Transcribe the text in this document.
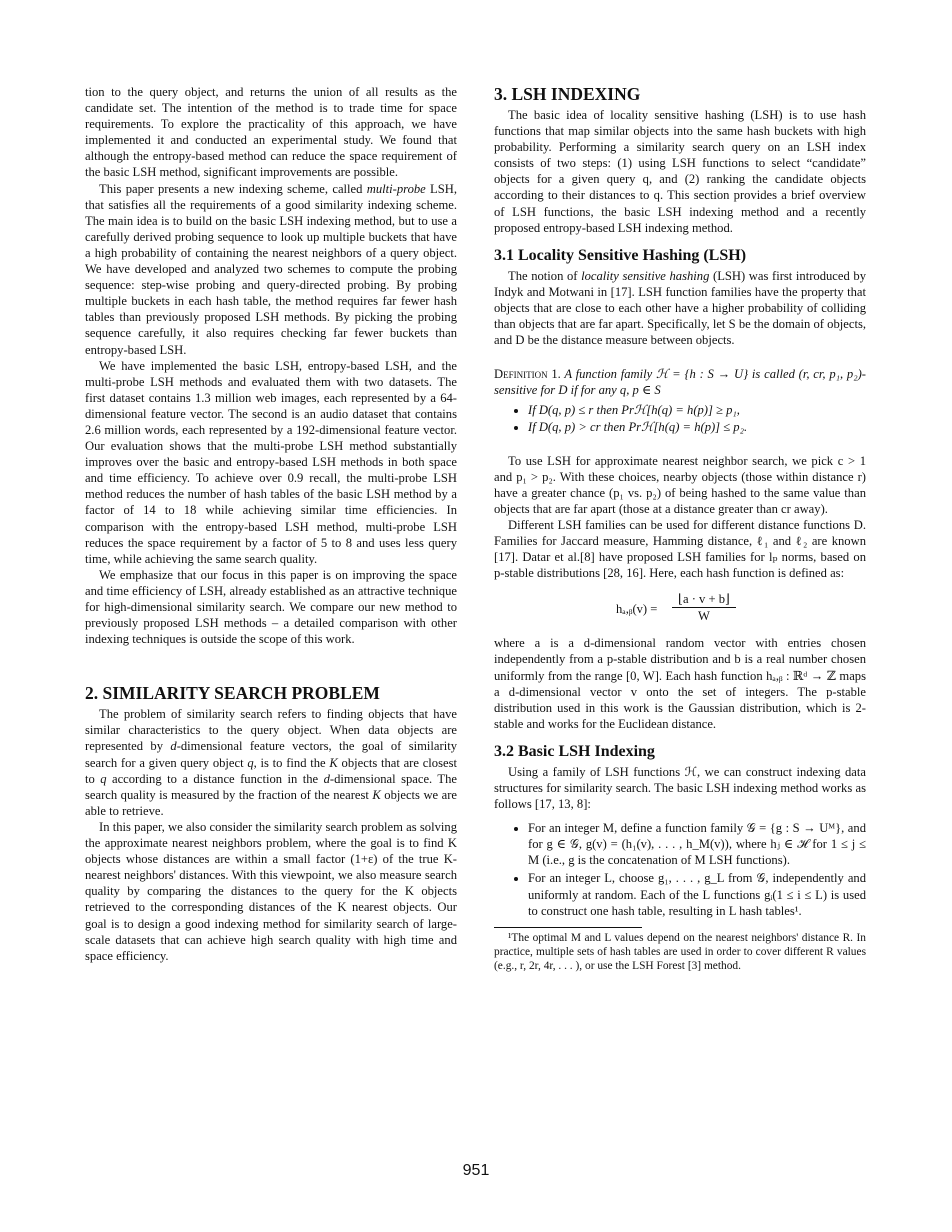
tion to the query object, and returns the union of all results as the candidate set. The intention of the method is to trade time for space requirements. To explore the practicality of this approach, we have implemented it and conducted an experimental study. We found that although the entropy-based method can reduce the space requirement of the basic LSH method, significant improvements are possible.

This paper presents a new indexing scheme, called multi-probe LSH, that satisfies all the requirements of a good similarity indexing scheme. The main idea is to build on the basic LSH indexing method, but to use a carefully derived probing sequence to look up multiple buckets that have a high probability of containing the nearest neighbors of a query object. We have developed and analyzed two schemes to compute the probing sequence: step-wise probing and query-directed probing. By probing multiple buckets in each hash table, the method requires far fewer hash tables than previously proposed LSH methods. By picking the probing sequence carefully, it also requires checking far fewer buckets than entropy-based LSH.

We have implemented the basic LSH, entropy-based LSH, and the multi-probe LSH methods and evaluated them with two datasets. The first dataset contains 1.3 million web images, each represented by a 64-dimensional feature vector. The second is an audio dataset that contains 2.6 million words, each represented by a 192-dimensional feature vector. Our evaluation shows that the multi-probe LSH method substantially improves over the basic and entropy-based LSH methods in both space and time efficiency. To achieve over 0.9 recall, the multi-probe LSH method reduces the number of hash tables of the basic LSH method by a factor of 14 to 18 while achieving similar time efficiencies. In comparison with the entropy-based LSH method, multi-probe LSH reduces the space requirement by a factor of 5 to 8 and uses less query time, while achieving the same search quality.

We emphasize that our focus in this paper is on improving the space and time efficiency of LSH, already established as an attractive technique for high-dimensional similarity search. We compare our new method to previously proposed LSH methods – a detailed comparison with other indexing techniques is outside the scope of this work.

2. SIMILARITY SEARCH PROBLEM

The problem of similarity search refers to finding objects that have similar characteristics to the query object. When data objects are represented by d-dimensional feature vectors, the goal of similarity search for a given query object q, is to find the K objects that are closest to q according to a distance function in the d-dimensional space. The search quality is measured by the fraction of the nearest K objects we are able to retrieve.

In this paper, we also consider the similarity search problem as solving the approximate nearest neighbors problem, where the goal is to find K objects whose distances are within a small factor (1+ε) of the true K-nearest neighbors' distances. With this viewpoint, we also measure search quality by comparing the distances to the query for the K objects retrieved to the corresponding distances of the K nearest objects. Our goal is to design a good indexing method for similarity search of large-scale datasets that can achieve high search quality with high time and space efficiency.

3. LSH INDEXING

The basic idea of locality sensitive hashing (LSH) is to use hash functions that map similar objects into the same hash buckets with high probability. Performing a similarity search query on an LSH index consists of two steps: (1) using LSH functions to select “candidate” objects for a given query q, and (2) ranking the candidate objects according to their distances to q. This section provides a brief overview of LSH functions, the basic LSH indexing method and a recently proposed entropy-based LSH indexing method.

3.1 Locality Sensitive Hashing (LSH)

The notion of locality sensitive hashing (LSH) was first introduced by Indyk and Motwani in [17]. LSH function families have the property that objects that are close to each other have a higher probability of colliding than objects that are far apart. Specifically, let S be the domain of objects, and D be the distance measure between objects.

Definition 1. A function family ℋ = {h : S → U} is called (r, cr, p₁, p₂)-sensitive for D if for any q, p ∈ S

• If D(q, p) ≤ r then Prℋ[h(q) = h(p)] ≥ p₁,
• If D(q, p) > cr then Prℋ[h(q) = h(p)] ≤ p₂.

To use LSH for approximate nearest neighbor search, we pick c > 1 and p₁ > p₂. With these choices, nearby objects (those within distance r) have a greater chance (p₁ vs. p₂) of being hashed to the same value than objects that are far apart (those at a distance greater than cr away).

Different LSH families can be used for different distance functions D. Families for Jaccard measure, Hamming distance, ℓ₁ and ℓ₂ are known [17]. Datar et al.[8] have proposed LSH families for lₚ norms, based on p-stable distributions [28, 16]. Here, each hash function is defined as:

hₐ,ᵦ(v) = $\frac{⌊a \cdot v + b⌋}{W}$

where a is a d-dimensional random vector with entries chosen independently from a p-stable distribution and b is a real number chosen uniformly from the range [0, W]. Each hash function hₐ,ᵦ : ℝᵈ → ℤ maps a d-dimensional vector v onto the set of integers. The p-stable distribution used in this work is the Gaussian distribution, which is 2-stable and works for the Euclidean distance.

3.2 Basic LSH Indexing

Using a family of LSH functions ℋ, we can construct indexing data structures for similarity search. The basic LSH indexing method works as follows [17, 13, 8]:

• For an integer M, define a function family 𝒢 = {g : S → Uᴹ}, and for g ∈ 𝒢, g(v) = (h₁(v), . . . , h_M(v)), where hⱼ ∈ ℋ for 1 ≤ j ≤ M (i.e., g is the concatenation of M LSH functions).
• For an integer L, choose g₁, . . . , g_L from 𝒢, independently and uniformly at random. Each of the L functions gᵢ(1 ≤ i ≤ L) is used to construct one hash table, resulting in L hash tables¹.

¹The optimal M and L values depend on the nearest neighbors' distance R. In practice, multiple sets of hash tables are used in order to cover different R values (e.g., r, 2r, 4r, . . . ), or use the LSH Forest [3] method.

951
